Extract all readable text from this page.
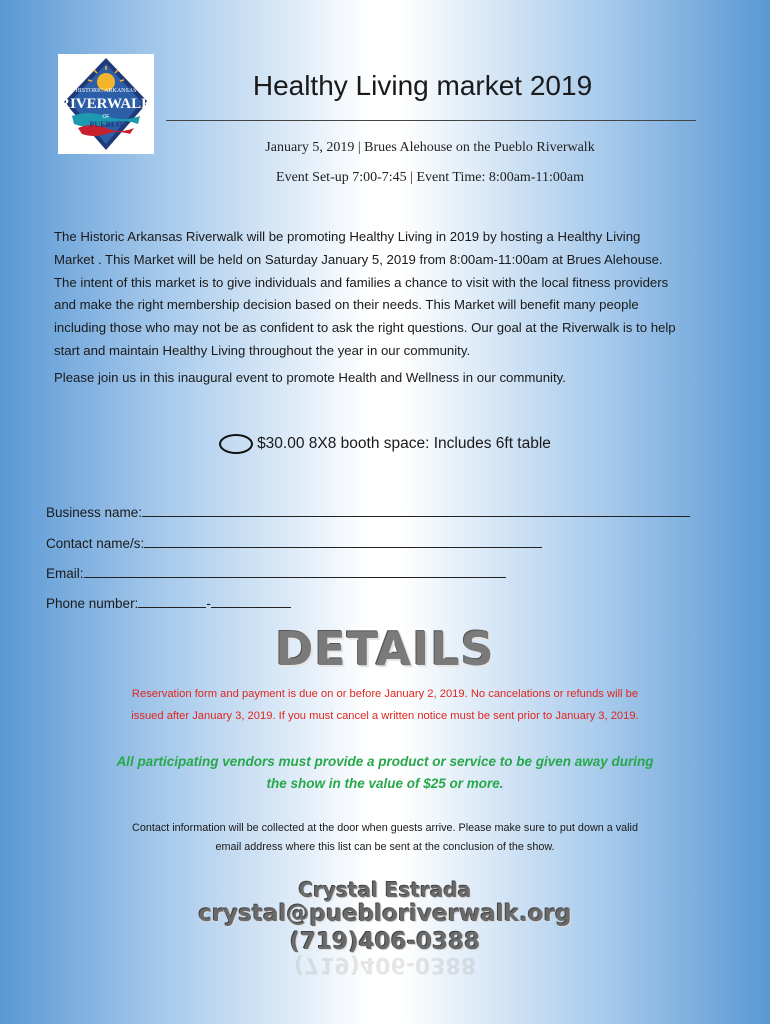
HISTORIC ARKANSAS
RIVERWALK
OF
PUEBLO
Healthy Living market 2019
January 5, 2019 | Brues Alehouse on the Pueblo Riverwalk
Event Set-up 7:00-7:45 | Event Time: 8:00am-11:00am
The Historic Arkansas Riverwalk will be promoting Healthy Living in 2019 by hosting a Healthy Living
Market . This Market will be held on Saturday January 5, 2019 from 8:00am-11:00am at Brues Alehouse.
The intent of this market is to give individuals and families a chance to visit with the local fitness providers
and make the right membership decision based on their needs. This Market will benefit many people
including those who may not be as confident to ask the right questions. Our goal at the Riverwalk is to help
start and maintain Healthy Living throughout the year in our community.
Please join us in this inaugural event to promote Health and Wellness in our community.
$30.00 8X8 booth space: Includes 6ft table
Business name:
Contact name/s:
Email:
Phone number:	-
DETAILS
Reservation form and payment is due on or before January 2, 2019. No cancelations or refunds will be
issued after January 3, 2019. If you must cancel a written notice must be sent prior to January 3, 2019.
All participating vendors must provide a product or service to be given away during
the show in the value of $25 or more.
Contact information will be collected at the door when guests arrive. Please make sure to put down a valid
email address where this list can be sent at the conclusion of the show.
Crystal Estrada
crystal@puebloriverwalk.org
(719)406-0388
(719)406-0388
